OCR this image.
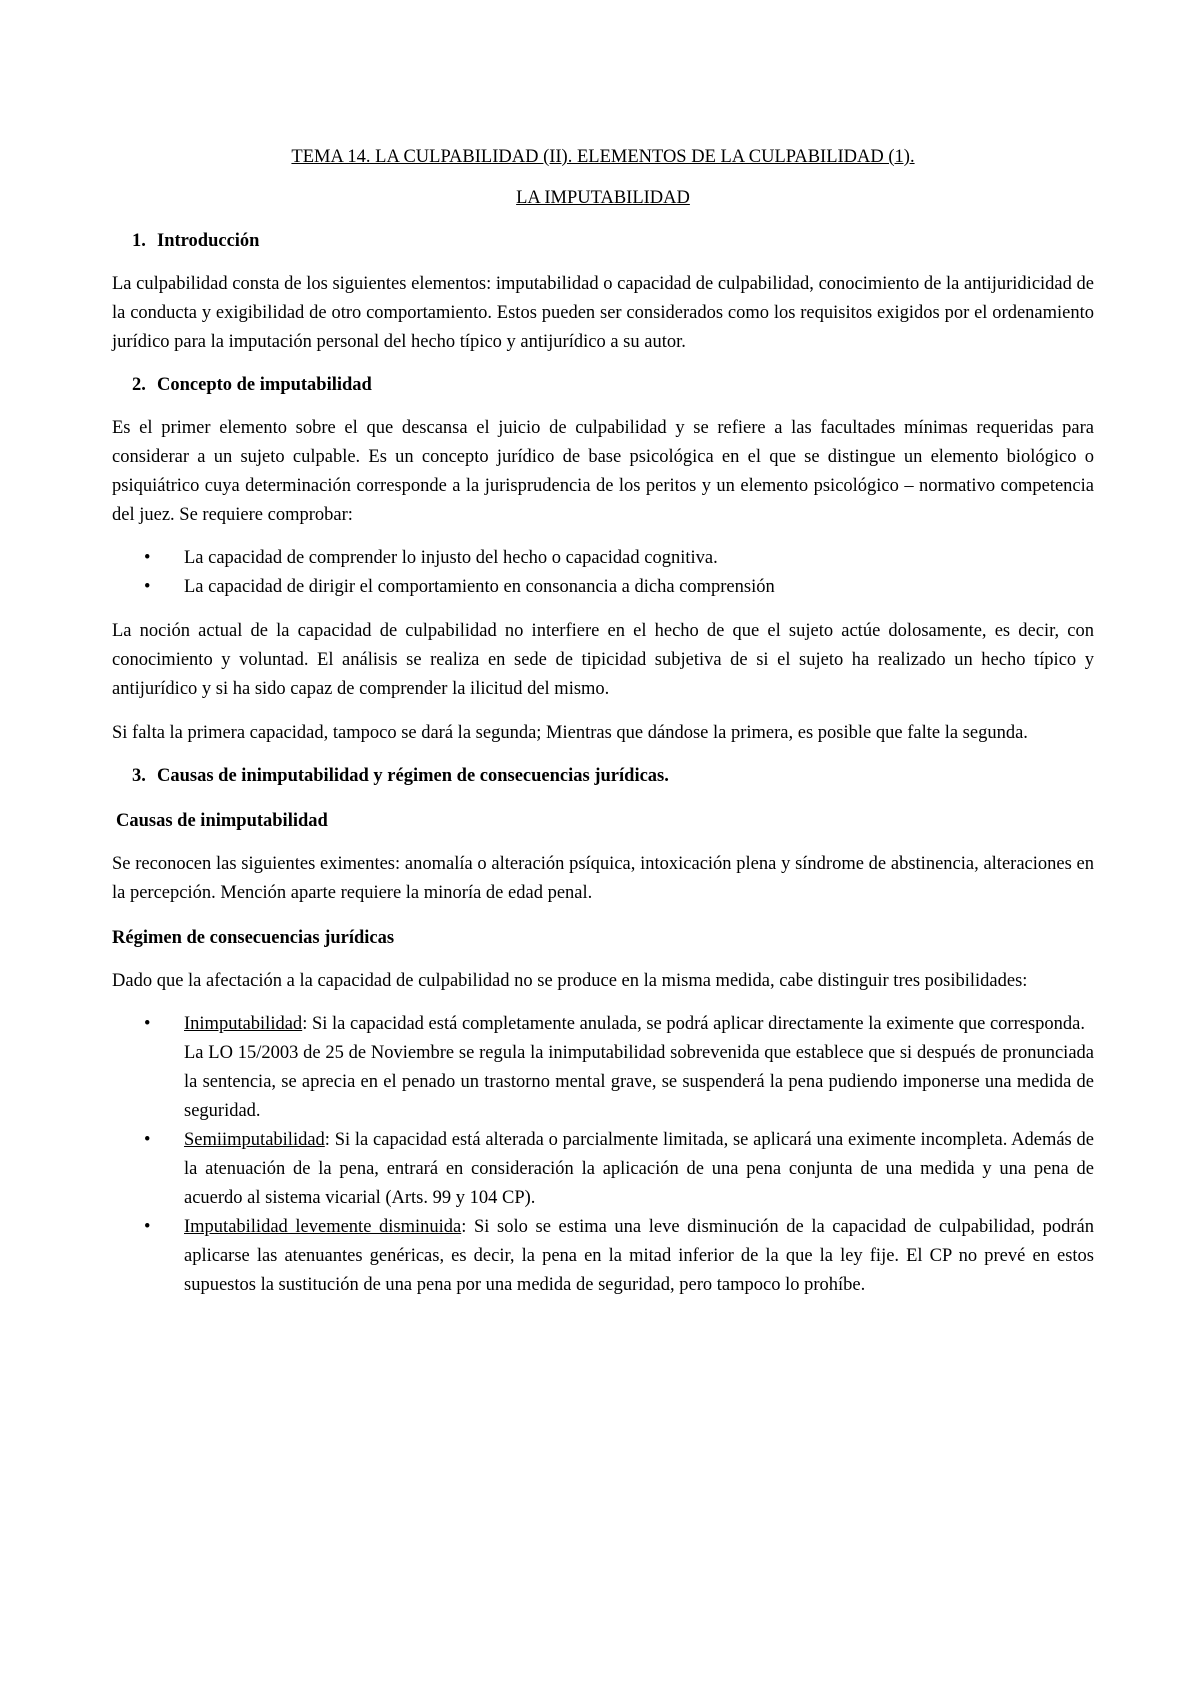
TEMA 14. LA CULPABILIDAD (II). ELEMENTOS DE LA CULPABILIDAD (1).
LA IMPUTABILIDAD
1. Introducción

La culpabilidad consta de los siguientes elementos: imputabilidad o capacidad de culpabilidad, conocimiento de la antijuridicidad de la conducta y exigibilidad de otro comportamiento. Estos pueden ser considerados como los requisitos exigidos por el ordenamiento jurídico para la imputación personal del hecho típico y antijurídico a su autor.

2. Concepto de imputabilidad

Es el primer elemento sobre el que descansa el juicio de culpabilidad y se refiere a las facultades mínimas requeridas para considerar a un sujeto culpable. Es un concepto jurídico de base psicológica en el que se distingue un elemento biológico o psiquiátrico cuya determinación corresponde a la jurisprudencia de los peritos y un elemento psicológico – normativo competencia del juez. Se requiere comprobar:

• La capacidad de comprender lo injusto del hecho o capacidad cognitiva.
• La capacidad de dirigir el comportamiento en consonancia a dicha comprensión

La noción actual de la capacidad de culpabilidad no interfiere en el hecho de que el sujeto actúe dolosamente, es decir, con conocimiento y voluntad. El análisis se realiza en sede de tipicidad subjetiva de si el sujeto ha realizado un hecho típico y antijurídico y si ha sido capaz de comprender la ilicitud del mismo.

Si falta la primera capacidad, tampoco se dará la segunda; Mientras que dándose la primera, es posible que falte la segunda.

3. Causas de inimputabilidad y régimen de consecuencias jurídicas.
Causas de inimputabilidad

Se reconocen las siguientes eximentes: anomalía o alteración psíquica, intoxicación plena y síndrome de abstinencia, alteraciones en la percepción. Mención aparte requiere la minoría de edad penal.

Régimen de consecuencias jurídicas

Dado que la afectación a la capacidad de culpabilidad no se produce en la misma medida, cabe distinguir tres posibilidades:

• Inimputabilidad: Si la capacidad está completamente anulada, se podrá aplicar directamente la eximente que corresponda.
La LO 15/2003 de 25 de Noviembre se regula la inimputabilidad sobrevenida que establece que si después de pronunciada la sentencia, se aprecia en el penado un trastorno mental grave, se suspenderá la pena pudiendo imponerse una medida de seguridad.
• Semiimputabilidad: Si la capacidad está alterada o parcialmente limitada, se aplicará una eximente incompleta. Además de la atenuación de la pena, entrará en consideración la aplicación de una pena conjunta de una medida y una pena de acuerdo al sistema vicarial (Arts. 99 y 104 CP).
• Imputabilidad levemente disminuida: Si solo se estima una leve disminución de la capacidad de culpabilidad, podrán aplicarse las atenuantes genéricas, es decir, la pena en la mitad inferior de la que la ley fije. El CP no prevé en estos supuestos la sustitución de una pena por una medida de seguridad, pero tampoco lo prohíbe.
